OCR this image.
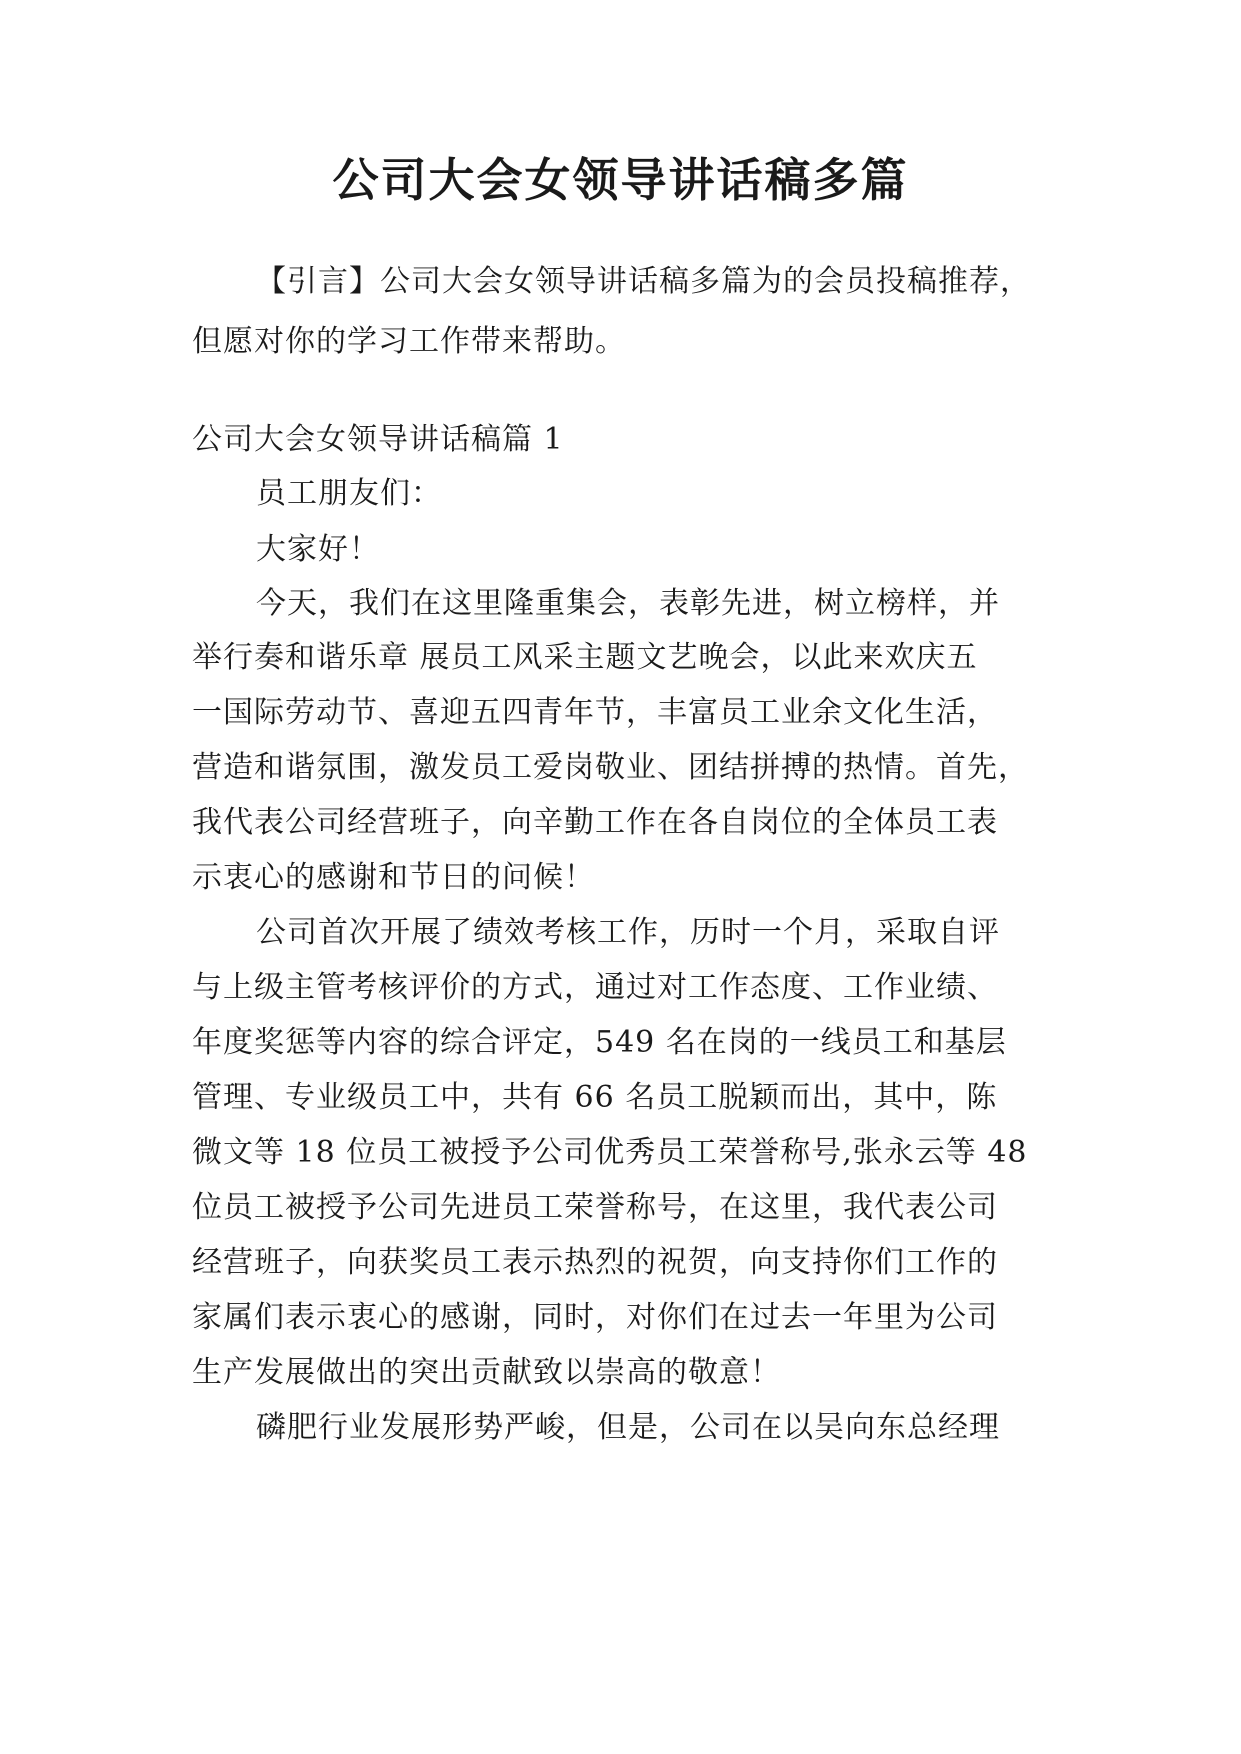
公司大会女领导讲话稿多篇
【引言】公司大会女领导讲话稿多篇为的会员投稿推荐，
但愿对你的学习工作带来帮助。
公司大会女领导讲话稿篇 1
员工朋友们：
大家好！
今天，我们在这里隆重集会，表彰先进，树立榜样，并
举行奏和谐乐章 展员工风采主题文艺晚会，以此来欢庆五
一国际劳动节、喜迎五四青年节，丰富员工业余文化生活，
营造和谐氛围，激发员工爱岗敬业、团结拼搏的热情。首先，
我代表公司经营班子，向辛勤工作在各自岗位的全体员工表
示衷心的感谢和节日的问候！
公司首次开展了绩效考核工作，历时一个月，采取自评
与上级主管考核评价的方式，通过对工作态度、工作业绩、
年度奖惩等内容的综合评定，549 名在岗的一线员工和基层
管理、专业级员工中，共有 66 名员工脱颖而出，其中，陈
微文等 18 位员工被授予公司优秀员工荣誉称号,张永云等 48
位员工被授予公司先进员工荣誉称号，在这里，我代表公司
经营班子，向获奖员工表示热烈的祝贺，向支持你们工作的
家属们表示衷心的感谢，同时，对你们在过去一年里为公司
生产发展做出的突出贡献致以崇高的敬意！
磷肥行业发展形势严峻，但是，公司在以吴向东总经理
